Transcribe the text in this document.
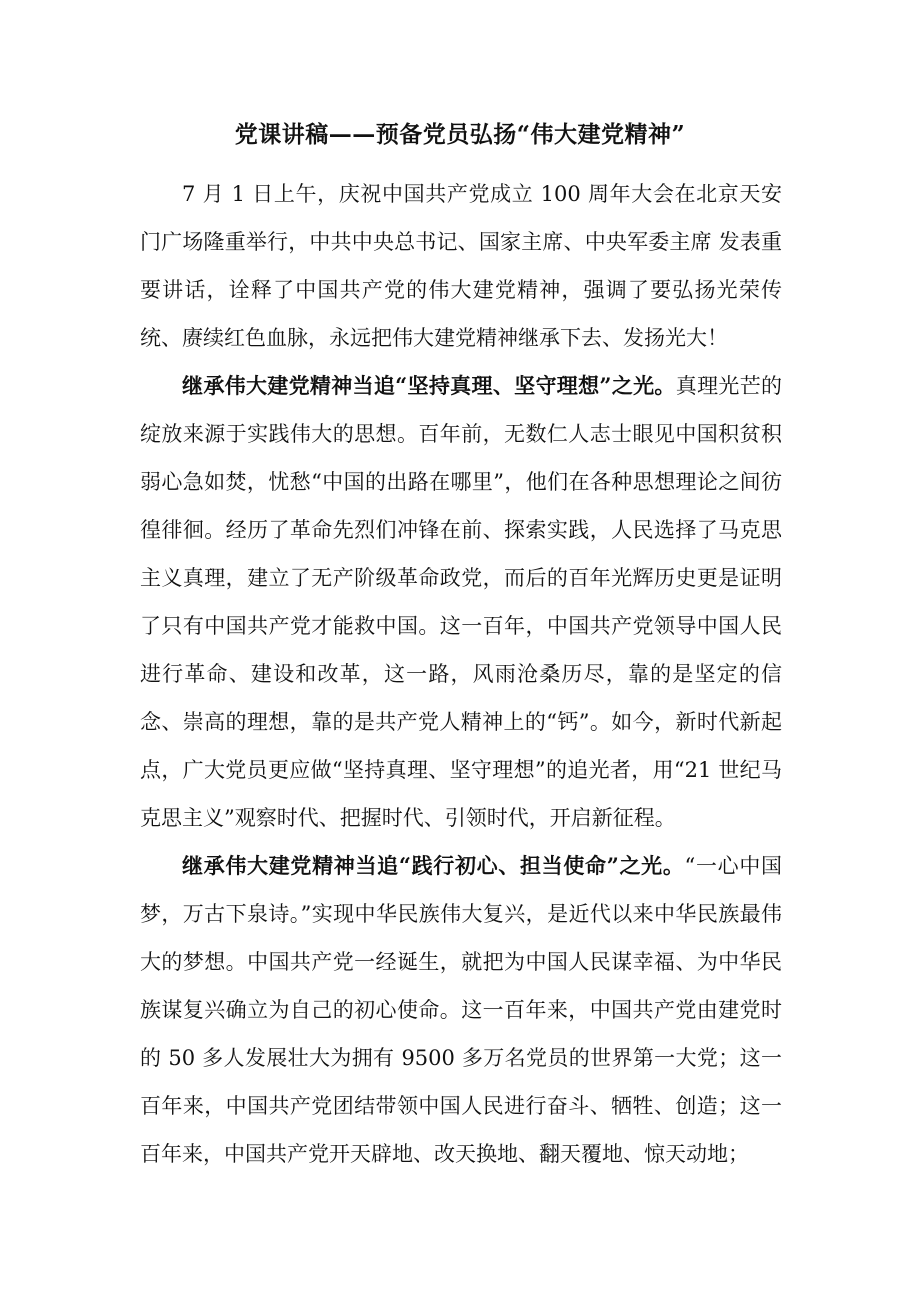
党课讲稿——预备党员弘扬“伟大建党精神”

7 月 1 日上午，庆祝中国共产党成立 100 周年大会在北京天安门广场隆重举行，中共中央总书记、国家主席、中央军委主席 发表重要讲话，诠释了中国共产党的伟大建党精神，强调了要弘扬光荣传统、赓续红色血脉，永远把伟大建党精神继承下去、发扬光大！

继承伟大建党精神当追“坚持真理、坚守理想”之光。真理光芒的绽放来源于实践伟大的思想。百年前，无数仁人志士眼见中国积贫积弱心急如焚，忧愁“中国的出路在哪里”，他们在各种思想理论之间彷徨徘徊。经历了革命先烈们冲锋在前、探索实践，人民选择了马克思主义真理，建立了无产阶级革命政党，而后的百年光辉历史更是证明了只有中国共产党才能救中国。这一百年，中国共产党领导中国人民进行革命、建设和改革，这一路，风雨沧桑历尽，靠的是坚定的信念、崇高的理想，靠的是共产党人精神上的“钙”。如今，新时代新起点，广大党员更应做“坚持真理、坚守理想”的追光者，用“21 世纪马克思主义”观察时代、把握时代、引领时代，开启新征程。

继承伟大建党精神当追“践行初心、担当使命”之光。“一心中国梦，万古下泉诗。”实现中华民族伟大复兴，是近代以来中华民族最伟大的梦想。中国共产党一经诞生，就把为中国人民谋幸福、为中华民族谋复兴确立为自己的初心使命。这一百年来，中国共产党由建党时的 50 多人发展壮大为拥有 9500 多万名党员的世界第一大党；这一百年来，中国共产党团结带领中国人民进行奋斗、牺牲、创造；这一百年来，中国共产党开天辟地、改天换地、翻天覆地、惊天动地；
